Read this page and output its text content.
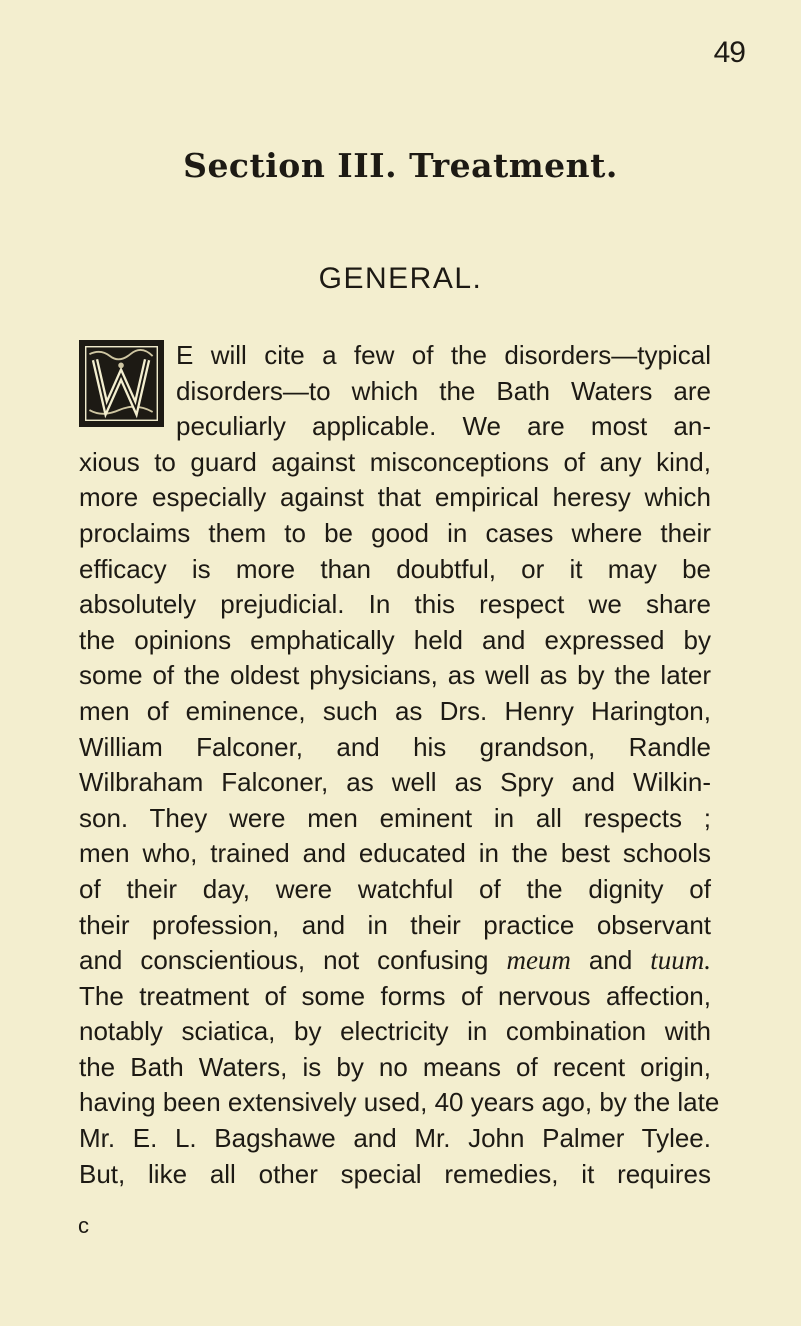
49
Section III. Treatment.
GENERAL.
E will cite a few of the disorders—typical
disorders—to which the Bath Waters are
peculiarly applicable. We are most an-
xious to guard against misconceptions of any kind,
more especially against that empirical heresy which
proclaims them to be good in cases where their
efficacy is more than doubtful, or it may be
absolutely prejudicial. In this respect we share
the opinions emphatically held and expressed by
some of the oldest physicians, as well as by the later
men of eminence, such as Drs. Henry Harington,
William Falconer, and his grandson, Randle
Wilbraham Falconer, as well as Spry and Wilkin-
son. They were men eminent in all respects ;
men who, trained and educated in the best schools
of their day, were watchful of the dignity of
their profession, and in their practice observant
and conscientious, not confusing meum and tuum.
The treatment of some forms of nervous affection,
notably sciatica, by electricity in combination with
the Bath Waters, is by no means of recent origin,
having been extensively used, 40 years ago, by the late
Mr. E. L. Bagshawe and Mr. John Palmer Tylee.
But, like all other special remedies, it requires
c
